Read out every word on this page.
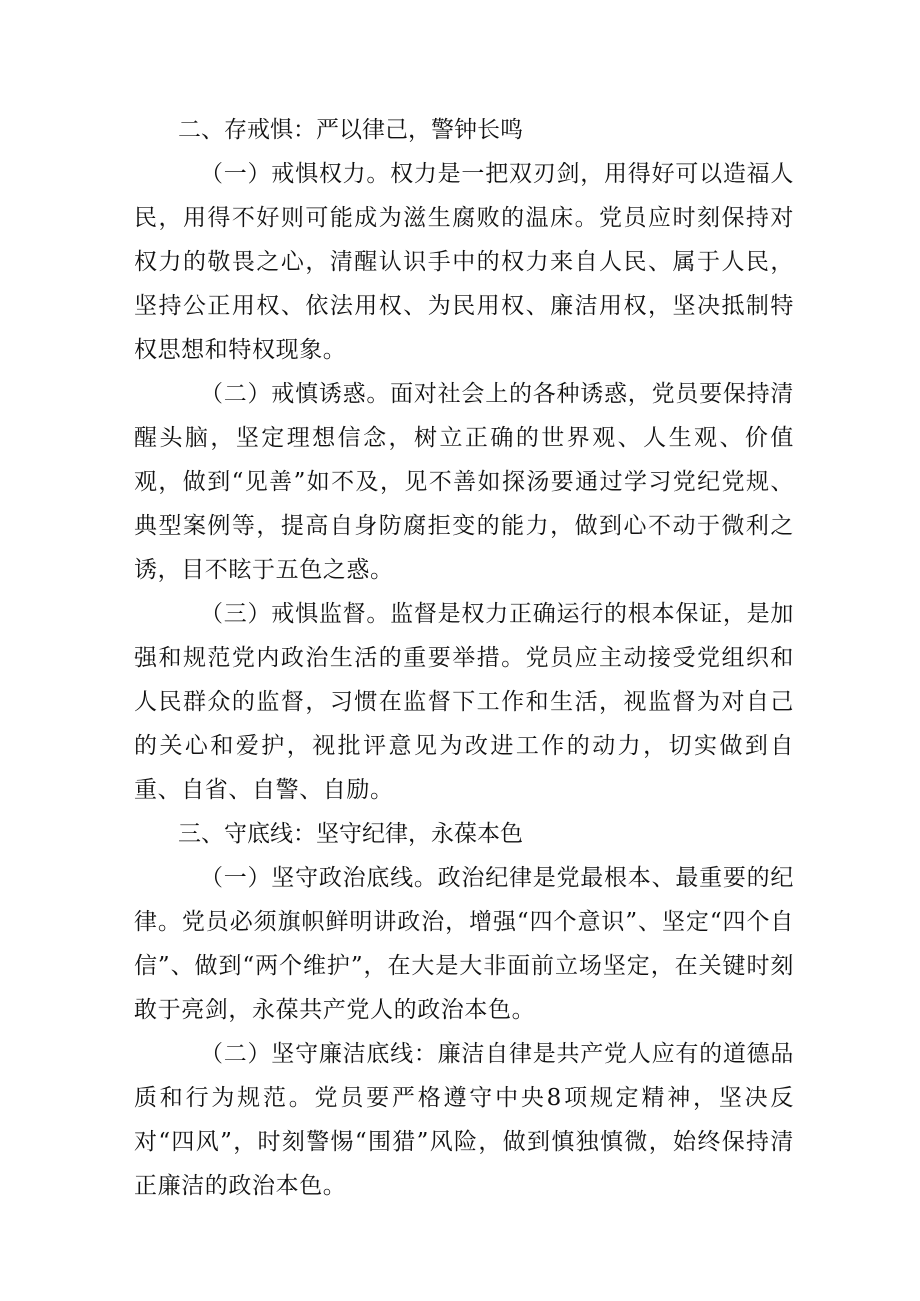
二、存戒惧：严以律己，警钟长鸣

（一）戒惧权力。权力是一把双刃剑，用得好可以造福人民，用得不好则可能成为滋生腐败的温床。党员应时刻保持对权力的敬畏之心，清醒认识手中的权力来自人民、属于人民，坚持公正用权、依法用权、为民用权、廉洁用权，坚决抵制特权思想和特权现象。

（二）戒慎诱惑。面对社会上的各种诱惑，党员要保持清醒头脑，坚定理想信念，树立正确的世界观、人生观、价值观，做到“见善”如不及，见不善如探汤要通过学习党纪党规、典型案例等，提高自身防腐拒变的能力，做到心不动于微利之诱，目不眩于五色之惑。

（三）戒惧监督。监督是权力正确运行的根本保证，是加强和规范党内政治生活的重要举措。党员应主动接受党组织和人民群众的监督，习惯在监督下工作和生活，视监督为对自己的关心和爱护，视批评意见为改进工作的动力，切实做到自重、自省、自警、自励。

三、守底线：坚守纪律，永葆本色

（一）坚守政治底线。政治纪律是党最根本、最重要的纪律。党员必须旗帜鲜明讲政治，增强“四个意识”、坚定“四个自信”、做到“两个维护”，在大是大非面前立场坚定，在关键时刻敢于亮剑，永葆共产党人的政治本色。

（二）坚守廉洁底线：廉洁自律是共产党人应有的道德品质和行为规范。党员要严格遵守中央8项规定精神，坚决反对“四风”，时刻警惕“围猎”风险，做到慎独慎微，始终保持清正廉洁的政治本色。
